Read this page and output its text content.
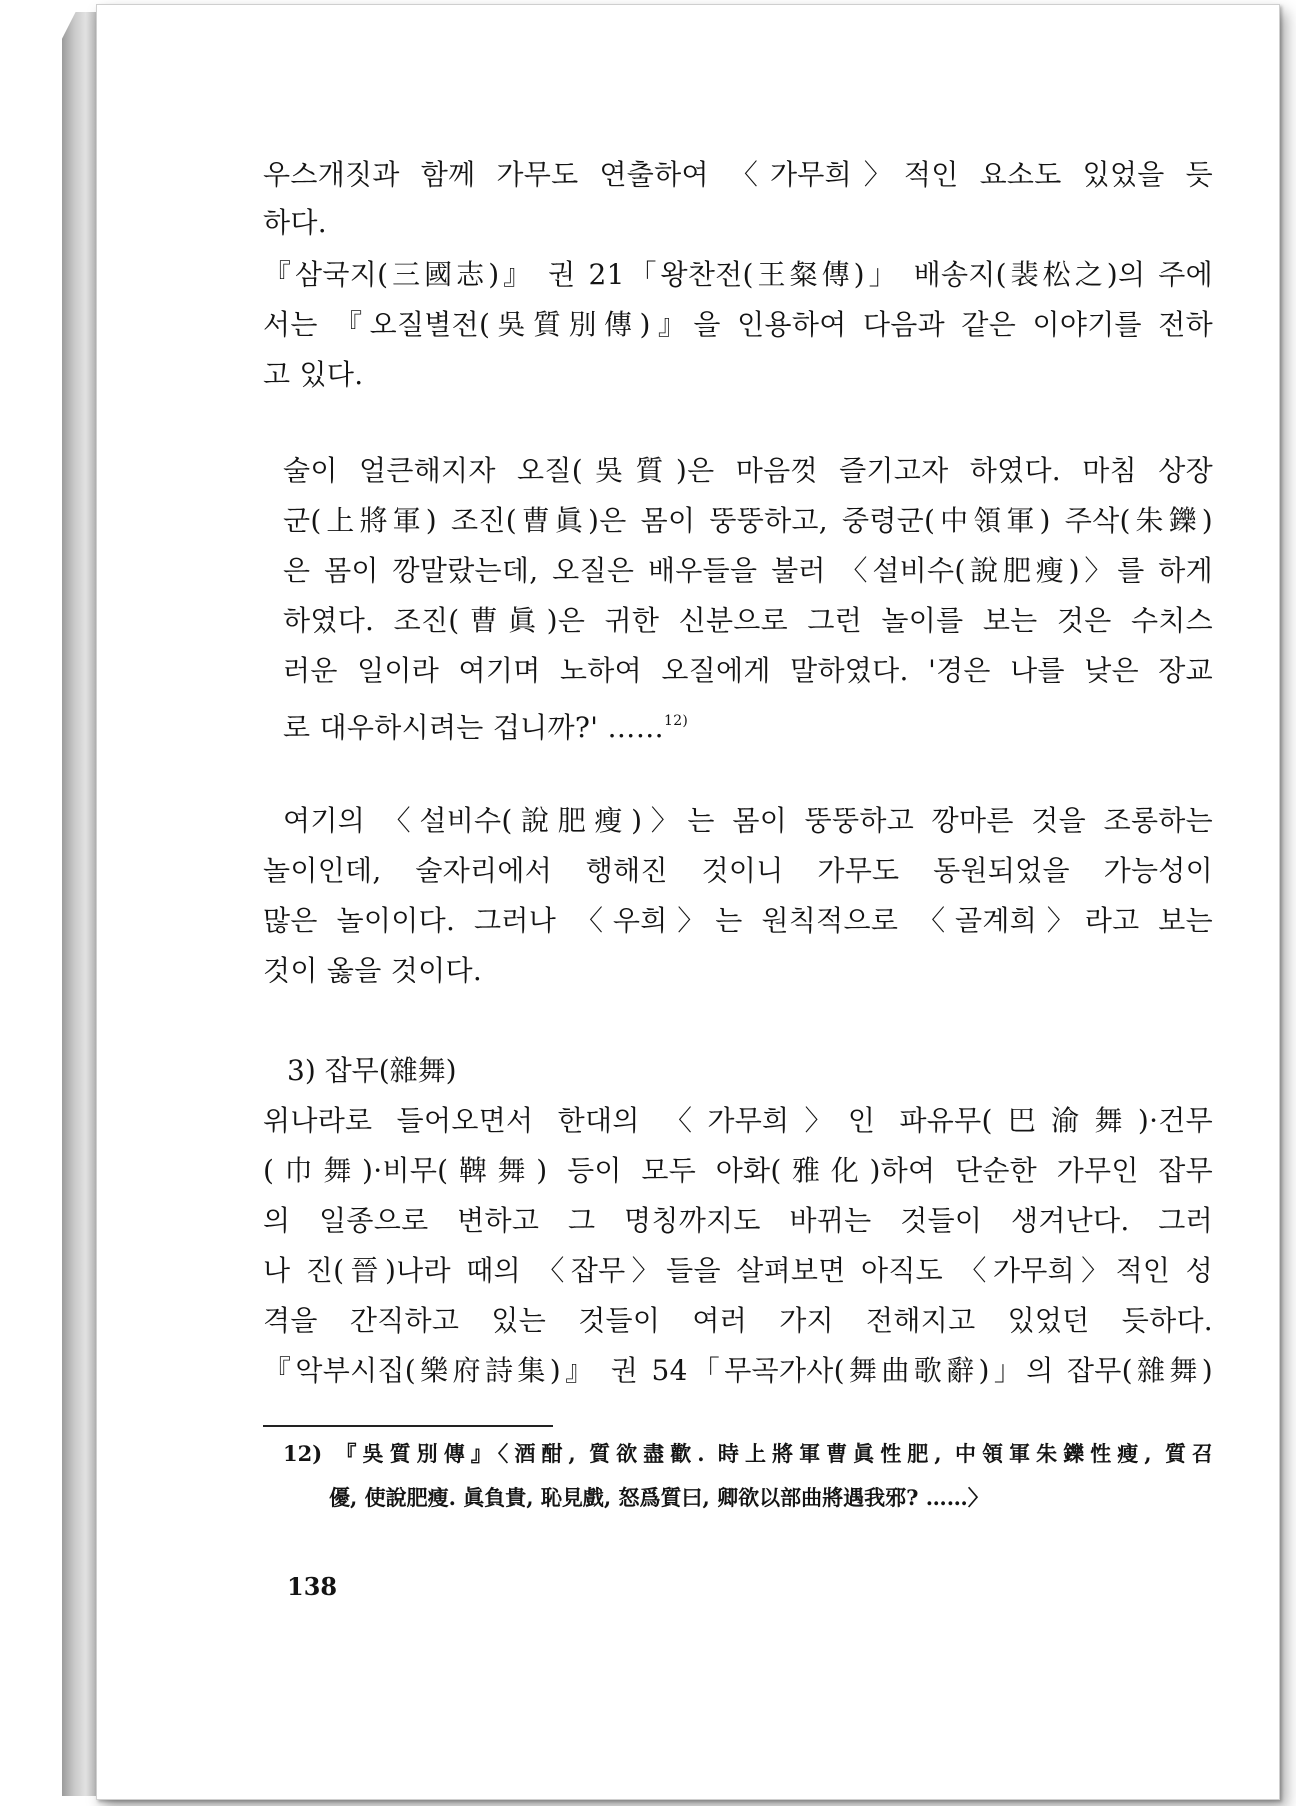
우스개짓과 함께 가무도 연출하여 〈가무희〉적인 요소도 있었을 듯
하다.
『삼국지(三國志)』 권 21「왕찬전(王粲傳)」 배송지(裴松之)의 주에
서는 『오질별전(吳質別傳)』을 인용하여 다음과 같은 이야기를 전하
고 있다.
술이 얼큰해지자 오질(吳質)은 마음껏 즐기고자 하였다. 마침 상장
군(上將軍) 조진(曹眞)은 몸이 뚱뚱하고, 중령군(中領軍) 주삭(朱鑠)
은 몸이 깡말랐는데, 오질은 배우들을 불러 〈설비수(說肥瘦)〉를 하게
하였다. 조진(曹眞)은 귀한 신분으로 그런 놀이를 보는 것은 수치스
러운 일이라 여기며 노하여 오질에게 말하였다. '경은 나를 낮은 장교
로 대우하시려는 겁니까?' ……$^{12)}$
여기의 〈설비수(說肥瘦)〉는 몸이 뚱뚱하고 깡마른 것을 조롱하는
놀이인데, 술자리에서 행해진 것이니 가무도 동원되었을 가능성이
많은 놀이이다. 그러나 〈우희〉는 원칙적으로 〈골계희〉라고 보는
것이 옳을 것이다.
3) 잡무(雜舞)
위나라로 들어오면서 한대의 〈가무희〉인 파유무(巴渝舞)·건무
(巾舞)·비무(鞞舞) 등이 모두 아화(雅化)하여 단순한 가무인 잡무
의 일종으로 변하고 그 명칭까지도 바뀌는 것들이 생겨난다. 그러
나 진(晉)나라 때의 〈잡무〉들을 살펴보면 아직도 〈가무희〉적인 성
격을 간직하고 있는 것들이 여러 가지 전해지고 있었던 듯하다.
『악부시집(樂府詩集)』 권 54「무곡가사(舞曲歌辭)」의 잡무(雜舞)
12) 『吳質別傳』〈酒酣, 質欲盡歡. 時上將軍曹眞性肥, 中領軍朱鑠性瘦, 質召
優, 使說肥瘦. 眞負貴, 恥見戲, 怒爲質曰, 卿欲以部曲將遇我邪? ……〉
138
